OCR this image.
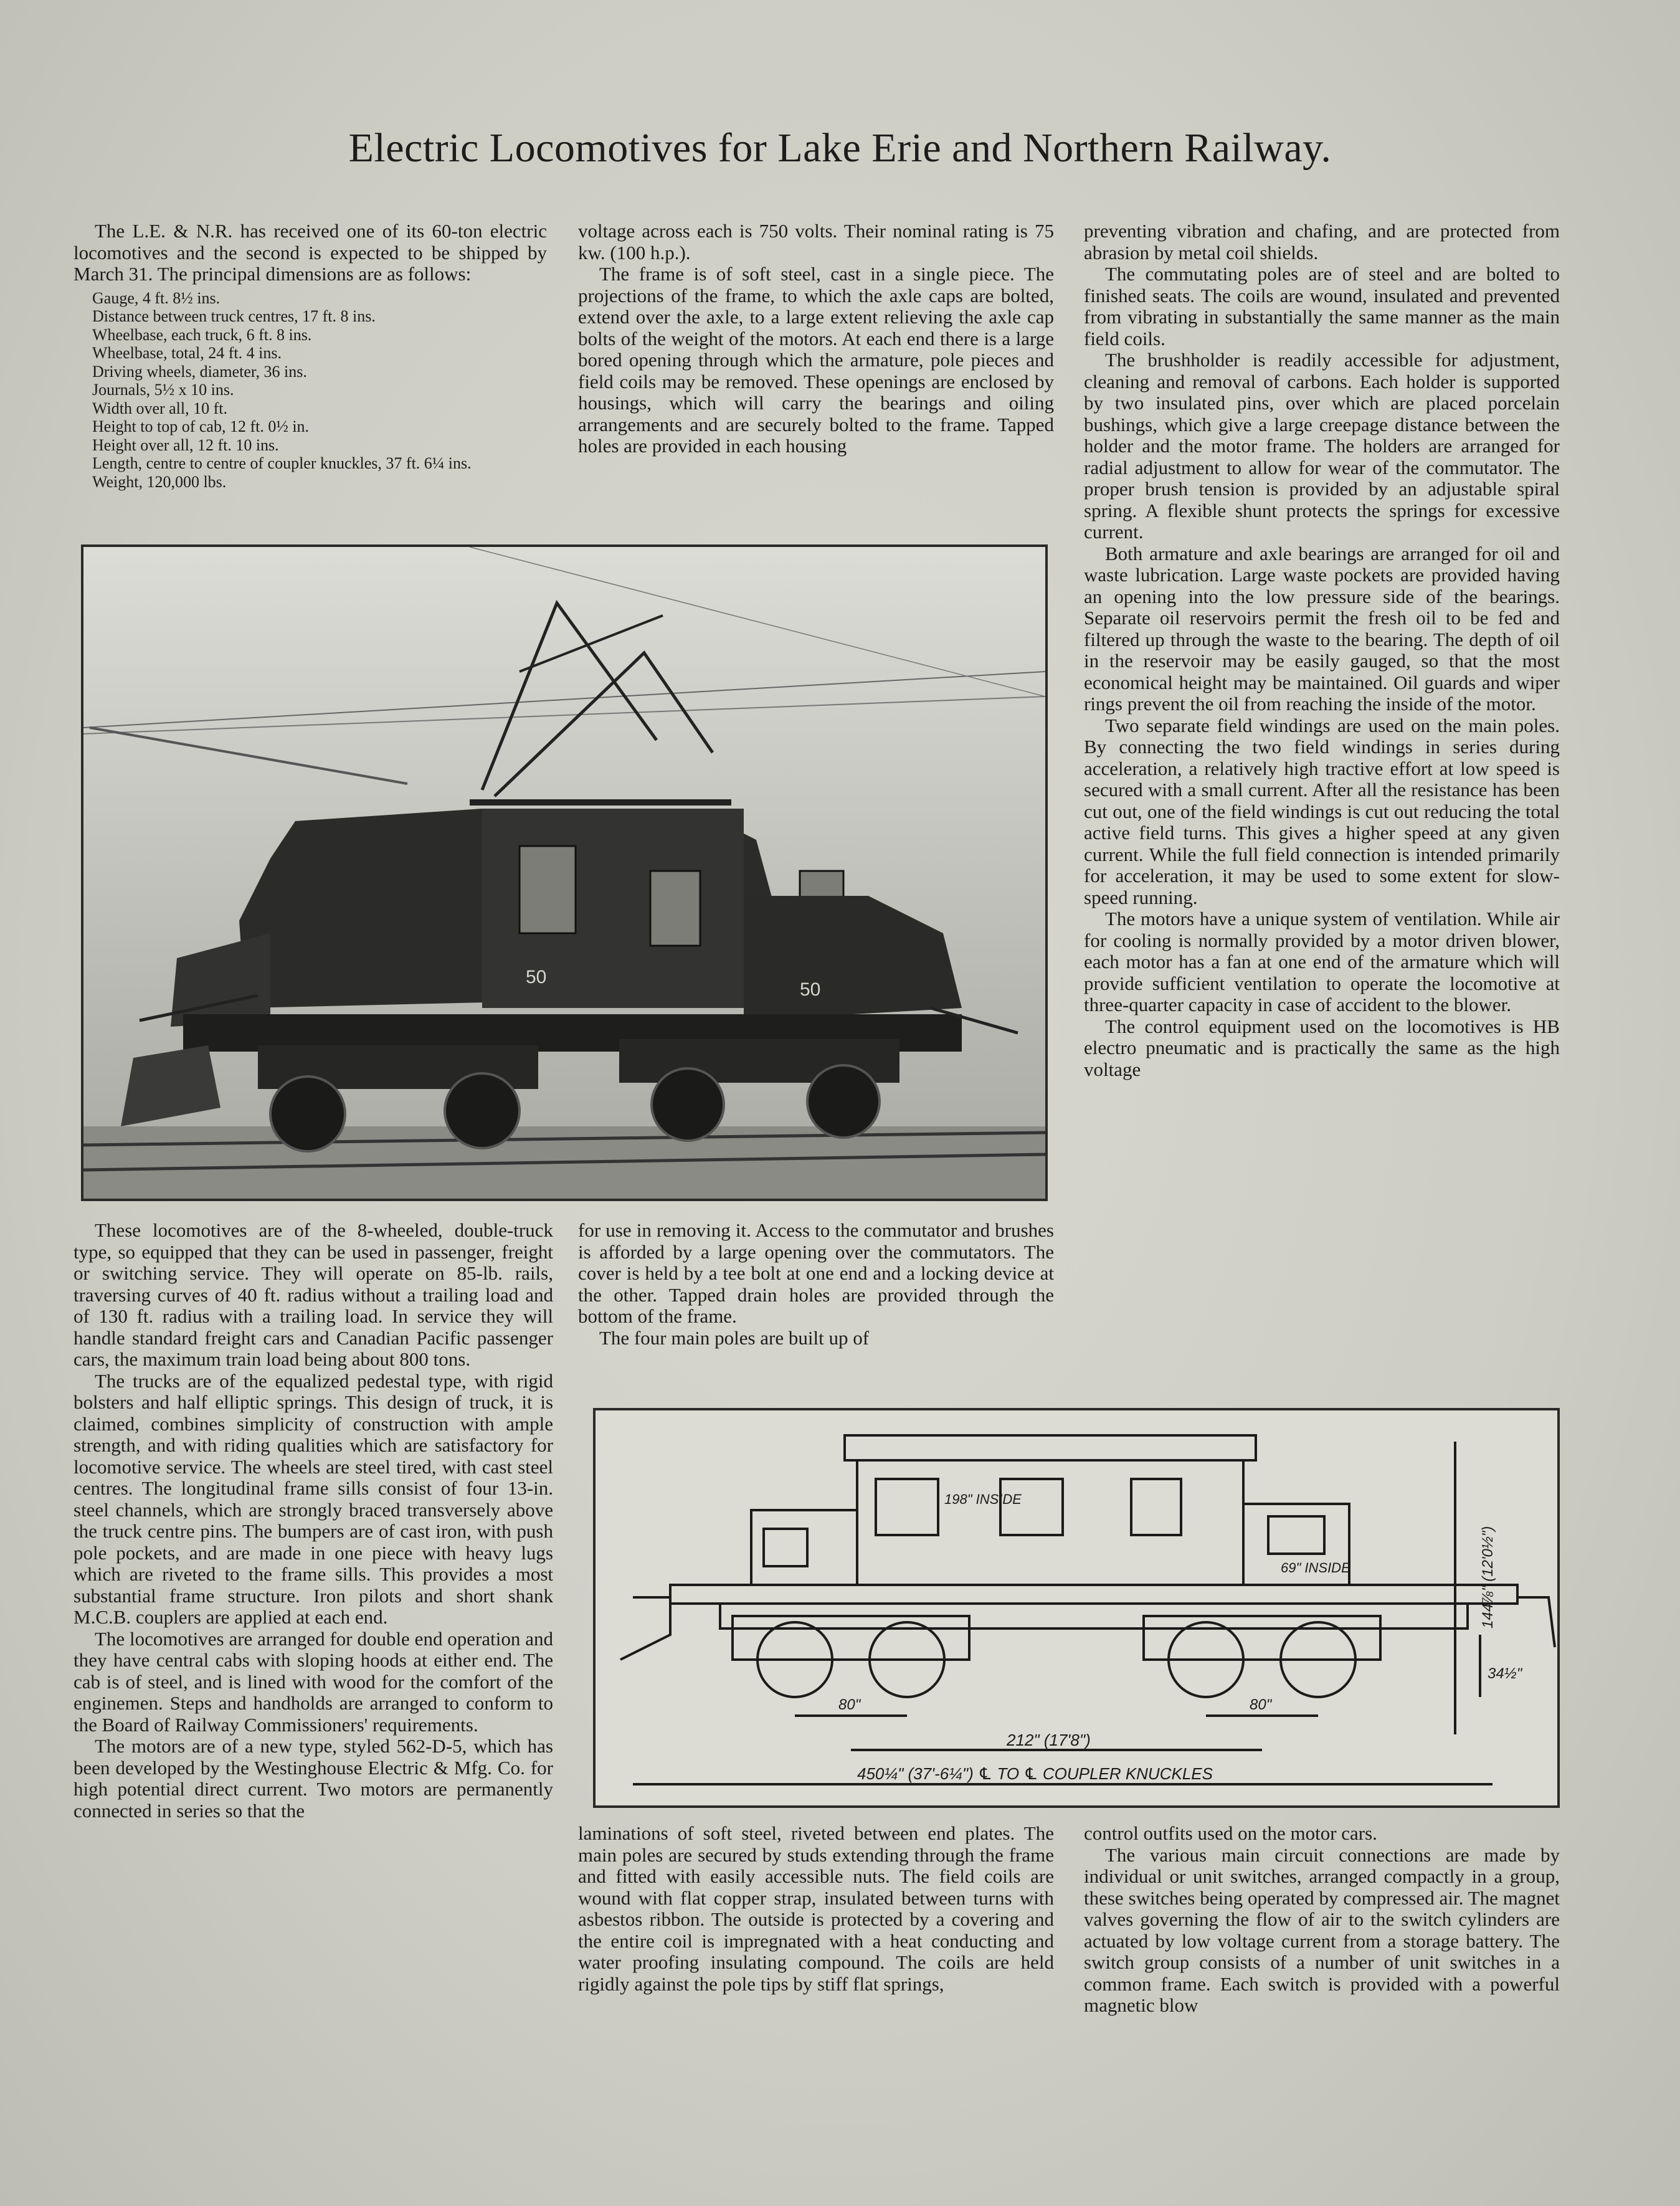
Electric Locomotives for Lake Erie and Northern Railway.

The L.E. & N.R. has received one of its 60-ton electric locomotives and the second is expected to be shipped by March 31. The principal dimensions are as follows:

Gauge, 4 ft. 8½ ins.
Distance between truck centres, 17 ft. 8 ins.
Wheelbase, each truck, 6 ft. 8 ins.
Wheelbase, total, 24 ft. 4 ins.
Driving wheels, diameter, 36 ins.
Journals, 5½ x 10 ins.
Width over all, 10 ft.
Height to top of cab, 12 ft. 0½ in.
Height over all, 12 ft. 10 ins.
Length, centre to centre of coupler knuckles, 37 ft. 6¼ ins.
Weight, 120,000 lbs.

voltage across each is 750 volts. Their nominal rating is 75 kw. (100 h.p.).

The frame is of soft steel, cast in a single piece. The projections of the frame, to which the axle caps are bolted, extend over the axle, to a large extent relieving the axle cap bolts of the weight of the motors. At each end there is a large bored opening through which the armature, pole pieces and field coils may be removed. These openings are enclosed by housings, which will carry the bearings and oiling arrangements and are securely bolted to the frame. Tapped holes are provided in each housing

preventing vibration and chafing, and are protected from abrasion by metal coil shields.

The commutating poles are of steel and are bolted to finished seats. The coils are wound, insulated and prevented from vibrating in substantially the same manner as the main field coils.

The brushholder is readily accessible for adjustment, cleaning and removal of carbons. Each holder is supported by two insulated pins, over which are placed porcelain bushings, which give a large creepage distance between the holder and the motor frame. The holders are arranged for radial adjustment to allow for wear of the commutator. The proper brush tension is provided by an adjustable spiral spring. A flexible shunt protects the springs for excessive current.

Both armature and axle bearings are arranged for oil and waste lubrication. Large waste pockets are provided having an opening into the low pressure side of the bearings. Separate oil reservoirs permit the fresh oil to be fed and filtered up through the waste to the bearing. The depth of oil in the reservoir may be easily gauged, so that the most economical height may be maintained. Oil guards and wiper rings prevent the oil from reaching the inside of the motor.

Two separate field windings are used on the main poles. By connecting the two field windings in series during acceleration, a relatively high tractive effort at low speed is secured with a small current. After all the resistance has been cut out, one of the field windings is cut out reducing the total active field turns. This gives a higher speed at any given current. While the full field connection is intended primarily for acceleration, it may be used to some extent for slow-speed running.

The motors have a unique system of ventilation. While air for cooling is normally provided by a motor driven blower, each motor has a fan at one end of the armature which will provide sufficient ventilation to operate the locomotive at three-quarter capacity in case of accident to the blower.

The control equipment used on the locomotives is HB electro pneumatic and is practically the same as the high voltage

50
50

These locomotives are of the 8-wheeled, double-truck type, so equipped that they can be used in passenger, freight or switching service. They will operate on 85-lb. rails, traversing curves of 40 ft. radius without a trailing load and of 130 ft. radius with a trailing load. In service they will handle standard freight cars and Canadian Pacific passenger cars, the maximum train load being about 800 tons.

The trucks are of the equalized pedestal type, with rigid bolsters and half elliptic springs. This design of truck, it is claimed, combines simplicity of construction with ample strength, and with riding qualities which are satisfactory for locomotive service. The wheels are steel tired, with cast steel centres. The longitudinal frame sills consist of four 13-in. steel channels, which are strongly braced transversely above the truck centre pins. The bumpers are of cast iron, with push pole pockets, and are made in one piece with heavy lugs which are riveted to the frame sills. This provides a most substantial frame structure. Iron pilots and short shank M.C.B. couplers are applied at each end.

The locomotives are arranged for double end operation and they have central cabs with sloping hoods at either end. The cab is of steel, and is lined with wood for the comfort of the enginemen. Steps and handholds are arranged to conform to the Board of Railway Commissioners' requirements.

The motors are of a new type, styled 562-D-5, which has been developed by the Westinghouse Electric & Mfg. Co. for high potential direct current. Two motors are permanently connected in series so that the

for use in removing it. Access to the commutator and brushes is afforded by a large opening over the commutators. The cover is held by a tee bolt at one end and a locking device at the other. Tapped drain holes are provided through the bottom of the frame.

The four main poles are built up of

198" INSIDE
69" INSIDE	144⅞" (12'0½")
34½"
80"	80"
212" (17'8")
450¼" (37'-6¼") ℄ TO ℄ COUPLER KNUCKLES

laminations of soft steel, riveted between end plates. The main poles are secured by studs extending through the frame and fitted with easily accessible nuts. The field coils are wound with flat copper strap, insulated between turns with asbestos ribbon. The outside is protected by a covering and the entire coil is impregnated with a heat conducting and water proofing insulating compound. The coils are held rigidly against the pole tips by stiff flat springs,

control outfits used on the motor cars.

The various main circuit connections are made by individual or unit switches, arranged compactly in a group, these switches being operated by compressed air. The magnet valves governing the flow of air to the switch cylinders are actuated by low voltage current from a storage battery. The switch group consists of a number of unit switches in a common frame. Each switch is provided with a powerful magnetic blow
